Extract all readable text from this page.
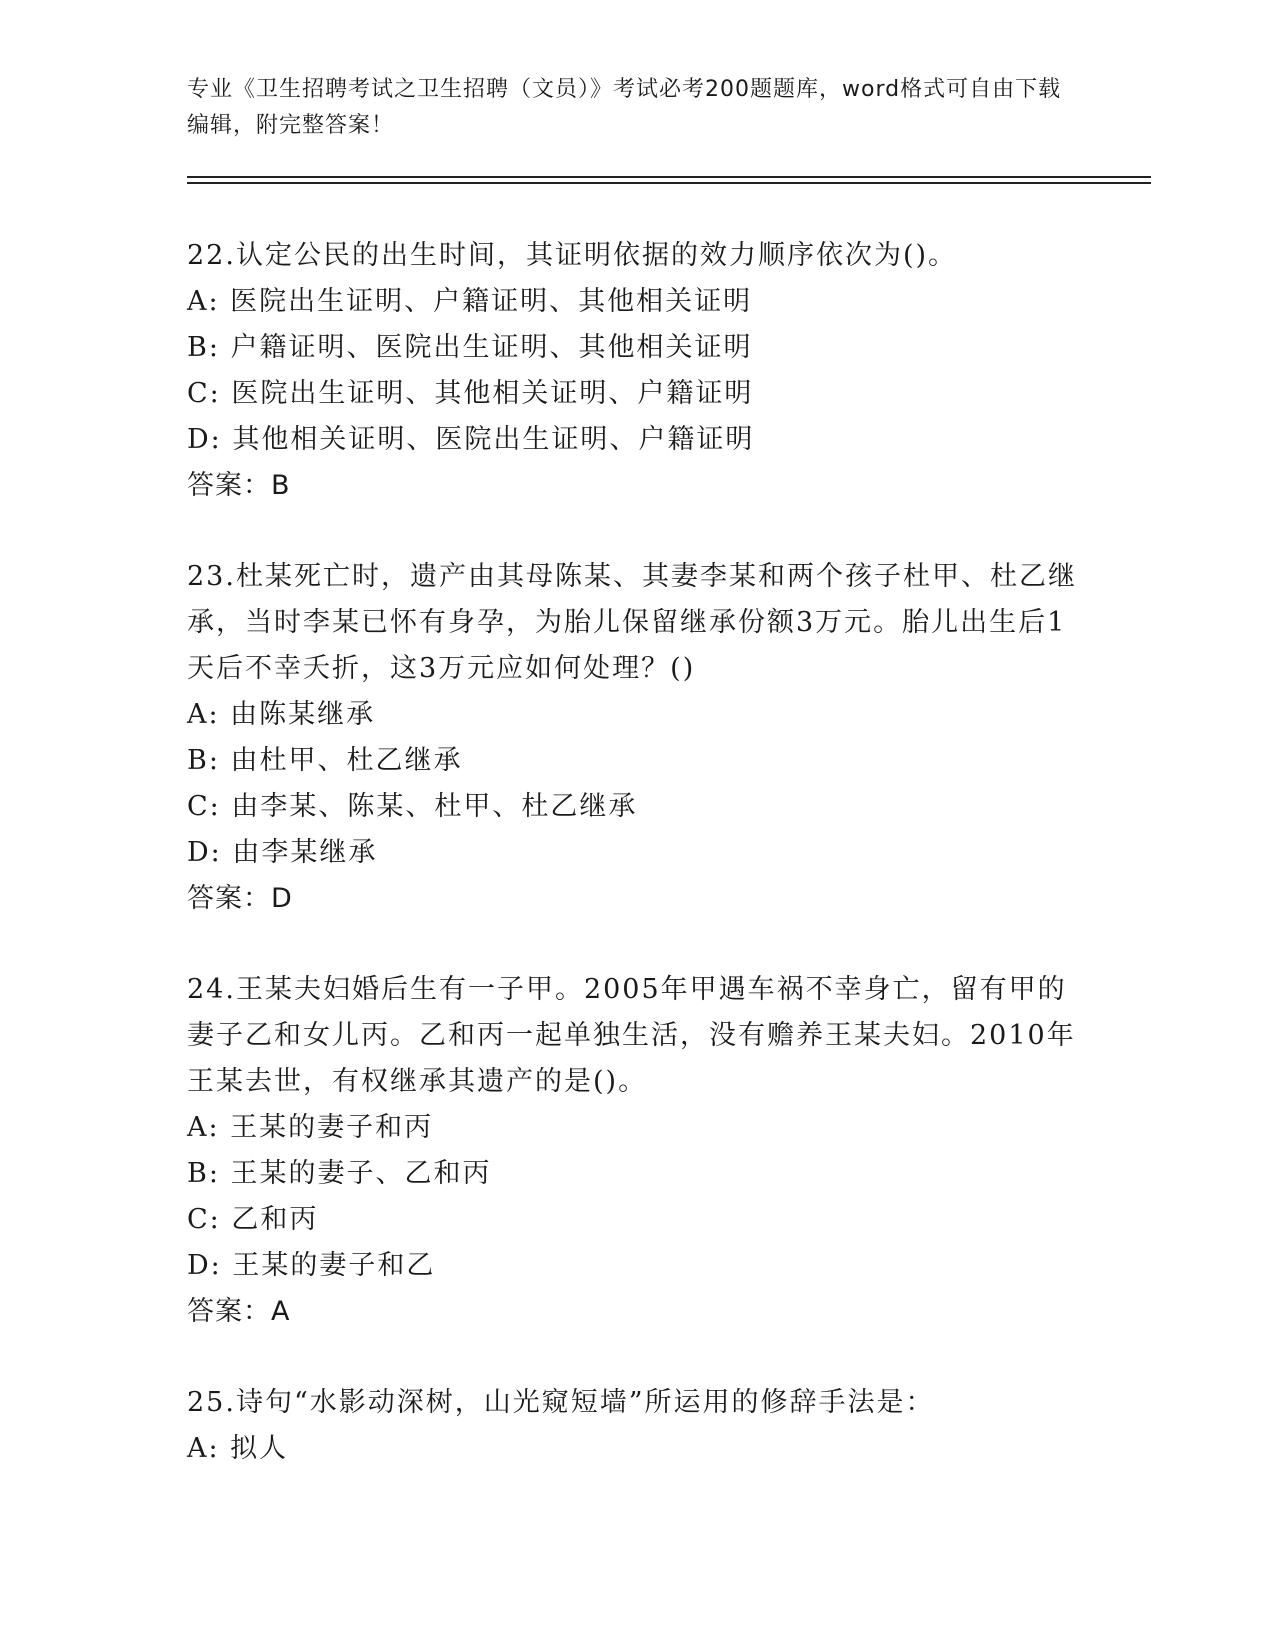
专业《卫生招聘考试之卫生招聘（文员）》考试必考200题题库，word格式可自由下载编辑，附完整答案！

22.认定公民的出生时间，其证明依据的效力顺序依次为()。

A: 医院出生证明、户籍证明、其他相关证明

B: 户籍证明、医院出生证明、其他相关证明

C: 医院出生证明、其他相关证明、户籍证明

D: 其他相关证明、医院出生证明、户籍证明

答案：B

23.杜某死亡时，遗产由其母陈某、其妻李某和两个孩子杜甲、杜乙继承，当时李某已怀有身孕，为胎儿保留继承份额3万元。胎儿出生后1天后不幸夭折，这3万元应如何处理？()

A: 由陈某继承

B: 由杜甲、杜乙继承

C: 由李某、陈某、杜甲、杜乙继承

D: 由李某继承

答案：D

24.王某夫妇婚后生有一子甲。2005年甲遇车祸不幸身亡，留有甲的妻子乙和女儿丙。乙和丙一起单独生活，没有赡养王某夫妇。2010年王某去世，有权继承其遗产的是()。

A: 王某的妻子和丙

B: 王某的妻子、乙和丙

C: 乙和丙

D: 王某的妻子和乙

答案：A

25.诗句“水影动深树，山光窥短墙”所运用的修辞手法是：

A: 拟人
